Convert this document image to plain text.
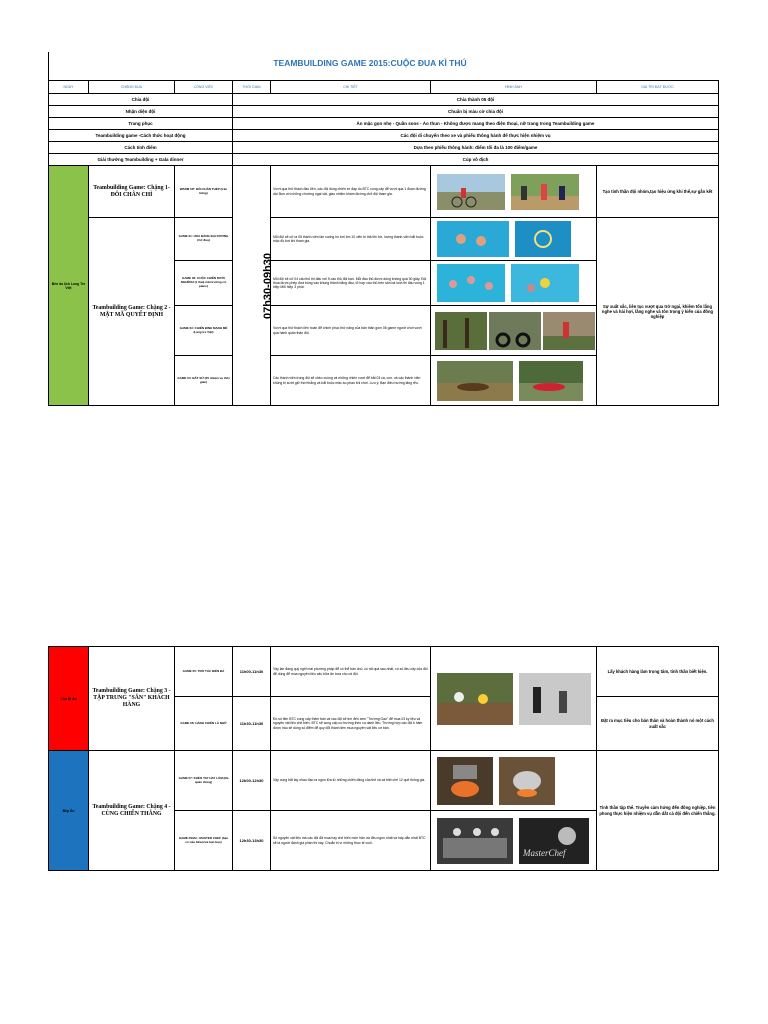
TEAMBUILDING GAME 2015:CUỘC ĐUA KÌ THÚ
NGÀY	CHẶNG ĐUA	CÔNG VIỆC	THỜI GIAN	CHI TIẾT	HÌNH ẢNH	GIÁ TRỊ ĐẠT ĐƯỢC
Chia đội			Chia thành 05 đội			
Nhận diện đội			Chuẩn bị màu cờ chia đội			
Trang phục			Ăn mặc gọn nhẹ - Quần soos - Áo thun - Không được mang theo điện thoại, nữ trang trong Teambuilding game			
Teambuilding game -Cách thức hoạt động			Các đội di chuyển theo xe và phiếu thông hành để thực hiện nhiệm vụ			
Cách tính điểm			Dựa theo phiếu thông hành: điểm tối đa là 100 điểm/game			
Giải thưởng Teambuilding + Gala dinner			Cúp vô địch			
Bến du lịch Lung Tre Việt	Teambuilding Game: Chặng 1-ĐÔI CHÂN CHÌ	WARM UP: ĐÔI CHÂN THÉP (trên bãng)	07h30-09h30	Vượt qua thử thách đầu tiên, các đội dùng chiến xe đạp do BTC cung cấp để vượt qua 1 đoạn đường dài 3km với những chướng ngại vật, giao nhiệm khám đường chở đội tham gia.		Tạo tinh thần đội nhóm,tạo hiệu ứng khi thể,sự gắn kết
	Teambuilding Game: Chặng 2 - MẬT MÃ QUYẾT ĐỊNH	GAME 01: HOA ĐĂNG ĐẠI DƯƠNG (Cờ đua)		Mỗi đội sẽ cử ra 05 thành viên lặn xuống hồ bơi tìm 10 viên bi thả lên bờ, lượng thành viên bắt buộc mặc đồ bơi khi tham gia.		Sự xuất sắc, liên tục vượt qua trở ngại, khiêm tốn lắng nghe và hài hợi, lắng nghe và tôn trọng ý kiến của đồng nghiệp
		GAME 02: CUỘC CHIẾN DƯỚI NGHỀNH (1 thai) mát trường cờ piano)		Mỗi đội sẽ cử 04 cầu thủ thi đấu với 5 cầu thủ đội bạn. Mỗi đầu thủ được dùng không quá 30 giây. Đội thua được phép đưa bóng vào khung thành bằng đầu, tổ hợp cầu thủ trên sân ba lượt thi đấu vòng 1 hiệp Mỗi hiệp 3 phút.	

		GAME 03: CHIẾN BINH MẠNH MẼ (Làng tre Việt)		Vượt qua thử thách liên hoàn để chinh phục thử năng của bản thân gồm 06 game người chơi vượt qua hành quân thân đội.	

		GAME 04: BẤT SỨ (05 nhiệm vụ thời gian)		Các thành viên trong đội sẽ chèo xuồng và những chiến vượt để bắt 03 cá, con, và các thành viên không bị sướt giữ thời thắng và bắt buộc mặc áo phao khi chơi. Lưu ý: Bạn điều hướng lăng rễu.	
Cần Bi Ân	Teambuilding Game: Chặng 3 - TẬP TRUNG "SĂN" KHÁCH HÀNG	GAME 05: TRỞ TÁC BIỂN ĐÁ	11h00-11h30	Vậy lần đáng quý nghỉ mai phường pháp để có thể bán chủ, có rất quá sau nhất, có số liều cây của đội để dùng để mua nguyên liệu cấu bữa ăn trưa cho cả đội.		Lấy khách hàng làm trọng tâm, tinh thần biết kiện.
		GAME 06: HÀNH CHIẾN LÀ NHỮ	11h30-11h30	Đồ số tiền BTC cung cấp thêm bán và các đội sẽ tìm đến xem "Trường Gạo" để mua 03 ky liệu và nguyên vật liệu chế biến. BTC sẽ cung cấp cư trường theo cụ danh liệu. Trường hợp các đội k hàm được hầu sẽ dùng số điểm để quy đổi thành tiền mua nguyên vật liệu cơ bản.		Đặt ra mục tiêu cho bản thân và hoàn thành nó một cách xuất sắc
Bếp Ăn	Teambuilding Game: Chặng 4 - CÙNG CHIẾN THẮNG	GAME 07: KHÉO TAY HAY LÀM (Ra quán thống)	12h00-12h30	Vậy cùng bắt tay nhau đạo ra ngon lửa từ những chiến đáng của thế và cá biệt chế 12 quê thống gia.		Tinh thần tập thể. Truyền cảm hứng đến đồng nghiệp, tiên phong thực hiện nhiệm vụ dẫn dắt cả đội đến chiến thắng.
		GAME FINAL: MASTER CHEF (bạn có nấu bữa,trưa bạn bạo)	12h30-13h30	Số nguyên vật liệu mà các đội đã mua hay chế biến món hân ưa đều ngon nhất và hấp dẫn nhất BTC sẽ là người đánh giá phần thi này. Chuẩn bị vì những thực tế cuối.	MasterChef	
